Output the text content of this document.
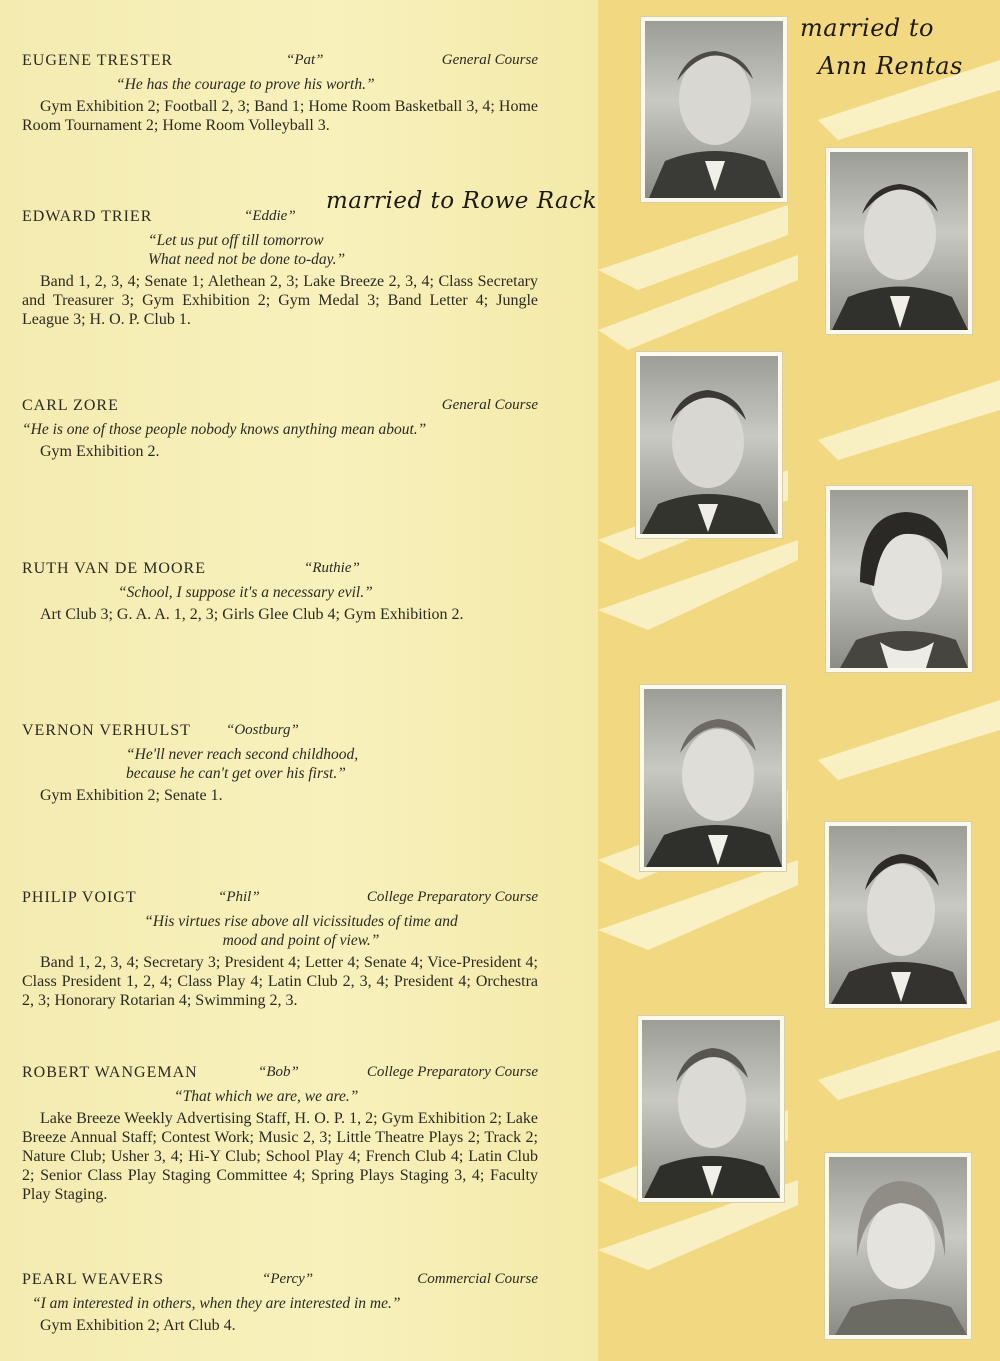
EUGENE TRESTER	“Pat”	General Course
“He has the courage to prove his worth.”
Gym Exhibition 2; Football 2, 3; Band 1; Home Room Basketball 3, 4; Home Room Tournament 2; Home Room Volleyball 3.
EDWARD TRIER	“Eddie”
“Let us put off till tomorrow
What need not be done to-day.”
Band 1, 2, 3, 4; Senate 1; Alethean 2, 3; Lake Breeze 2, 3, 4; Class Secretary and Treasurer 3; Gym Exhibition 2; Gym Medal 3; Band Letter 4; Jungle League 3; H. O. P. Club 1.
CARL ZORE	General Course
“He is one of those people nobody knows anything mean about.”
Gym Exhibition 2.
RUTH VAN DE MOORE	“Ruthie”
“School, I suppose it's a necessary evil.”
Art Club 3; G. A. A. 1, 2, 3; Girls Glee Club 4; Gym Exhibition 2.
VERNON VERHULST “Oostburg”
“He'll never reach second childhood,
because he can't get over his first.”
Gym Exhibition 2; Senate 1.
PHILIP VOIGT	“Phil”	College Preparatory Course
“His virtues rise above all vicissitudes of time and
mood and point of view.”
Band 1, 2, 3, 4; Secretary 3; President 4; Letter 4; Senate 4; Vice-President 4; Class President 1, 2, 4; Class Play 4; Latin Club 2, 3, 4; President 4; Orchestra 2, 3; Honorary Rotarian 4; Swimming 2, 3.
ROBERT WANGEMAN	“Bob”	College Preparatory Course
“That which we are, we are.”
Lake Breeze Weekly Advertising Staff, H. O. P. 1, 2; Gym Exhibition 2; Lake Breeze Annual Staff; Contest Work; Music 2, 3; Little Theatre Plays 2; Track 2; Nature Club; Usher 3, 4; Hi-Y Club; School Play 4; French Club 4; Latin Club 2; Senior Class Play Staging Committee 4; Spring Plays Staging 3, 4; Faculty Play Staging.
PEARL WEAVERS	“Percy”	Commercial Course
“I am interested in others, when they are interested in me.”
Gym Exhibition 2; Art Club 4.
married to
Ann Rentas
married to Rowe Rack
